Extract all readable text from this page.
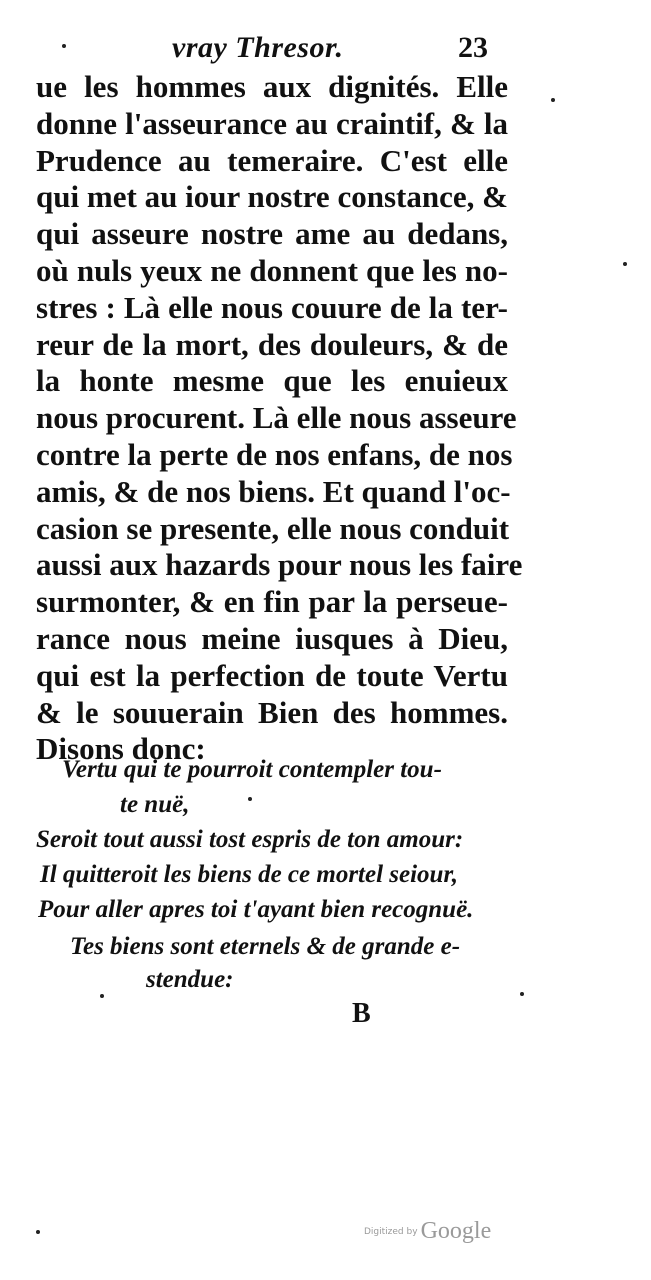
vray Thresor.	23
ue les hommes aux dignités. Elle
donne l'asseurance au craintif, & la
Prudence au temeraire. C'est elle
qui met au iour nostre constance, &
qui asseure nostre ame au dedans,
où nuls yeux ne donnent que les no-
stres : Là elle nous couure de la ter-
reur de la mort, des douleurs, & de
la honte mesme que les enuieux
nous procurent. Là elle nous asseure
contre la perte de nos enfans, de nos
amis, & de nos biens. Et quand l'oc-
casion se presente, elle nous conduit
aussi aux hazards pour nous les faire
surmonter, & en fin par la perseue-
rance nous meine iusques à Dieu,
qui est la perfection de toute Vertu
& le souuerain Bien des hommes.
Disons donc:
Vertu qui te pourroit contempler tou-
te nuë,
Seroit tout aussi tost espris de ton amour:
Il quitteroit les biens de ce mortel seiour,
Pour aller apres toi t'ayant bien recognuë.
Tes biens sont eternels & de grande e-
stendue:
B
Digitized by Google
